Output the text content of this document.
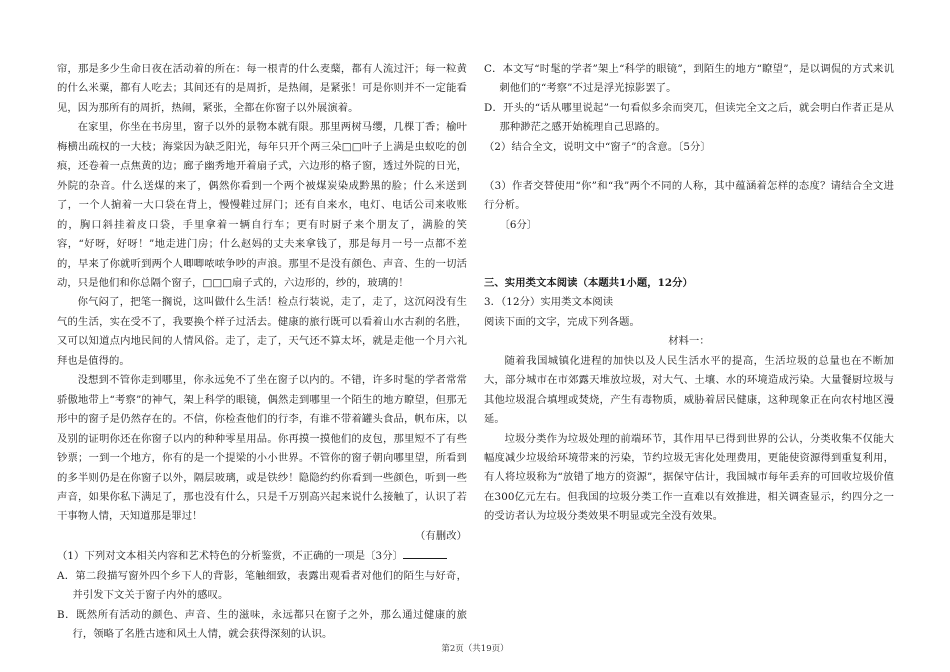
帘，那是多少生命日夜在活动着的所在：每一根青的什么麦蘖，都有人流过汗；每一粒黄的什么米粟，都有人吃去；其间还有的是周折，是热闹，是紧张！可是你则并不一定能看见，因为那所有的周折，热闹，紧张，全都在你窗子以外展演着。

在家里，你坐在书房里，窗子以外的景物本就有限。那里两树马缨，几棵丁香；榆叶梅横出疏权的一大枝；海棠因为缺乏阳光，每年只开个两三朵□□叶子上满是虫蚁吃的创痕，还卷着一点焦黄的边；廊子幽秀地开着扇子式，六边形的格子窗，透过外院的日光，外院的杂音。什么送煤的来了，偶然你看到一个两个被煤炭染成黔黑的脸；什么米送到了，一个人掮着一大口袋在背上，慢慢鞋过屏门；还有自来水，电灯、电话公司来收账的，胸口斜挂着皮口袋，手里拿着一辆自行车；更有时厨子来个朋友了，满脸的笑容，“好呀，好呀！”地走进门房；什么赵妈的丈夫来拿钱了，那是每月一号一点都不差的，早来了你就听到两个人唧唧哝哝争吵的声浪。那里不是没有颜色、声音、生的一切活动，只是他们和你总隔个窗子，□□□扇子式的，六边形的，纱的，玻璃的！

你气闷了，把笔一搁说，这叫做什么生活！检点行装说，走了，走了，这沉闷没有生气的生活，实在受不了，我要换个样子过活去。健康的旅行既可以看着山水古刹的名胜，又可以知道点内地民间的人情风俗。走了，走了，天气还不算太坏，就是走他一个月六礼拜也是值得的。

没想到不管你走到哪里，你永远免不了坐在窗子以内的。不错，许多时髦的学者常常骄傲地带上“考察”的神气，架上科学的眼镜，偶然走到哪里一个陌生的地方瞭望，但那无形中的窗子是仍然存在的。不信，你检查他们的行李，有谁不带着罐头食品，帆布床，以及别的证明你还在你窗子以内的种种零星用品。你再摸一摸他们的皮包，那里短不了有些钞票；一到一个地方，你有的是一个提梁的小小世界。不管你的窗子朝向哪里望，所看到的多半则仍是在你窗子以外，隔层玻璃，或是铁纱！隐隐约约你看到一些颜色，听到一些声音，如果你私下满足了，那也没有什么，只是千万别高兴起来说什么接触了，认识了若干事物人情，天知道那是罪过！

（有删改）

（1）下列对文本相关内容和艺术特色的分析鉴赏，不正确的一项是〔3分〕

A．第二段描写窗外四个乡下人的背影，笔触细致，表露出观看者对他们的陌生与好奇，并引发下文关于窗子内外的感叹。

B．既然所有活动的颜色、声音、生的滋味，永远都只在窗子之外，那么通过健康的旅行，领略了名胜古迹和风土人情，就会获得深刻的认识。

C．本文写“时髦的学者”架上“科学的眼镜”，到陌生的地方“瞭望”，是以调侃的方式来讥刺他们的“考察”不过是浮光掠影罢了。

D．开头的“话从哪里说起”一句看似多余而突兀，但读完全文之后，就会明白作者正是从那种渺茫之感开始梳理自己思路的。

（2）结合全文，说明文中“窗子”的含意。〔5分〕

（3）作者交替使用“你”和“我”两个不同的人称，其中蕴涵着怎样的态度？请结合全文进行分析。

〔6分〕

三、实用类文本阅读（本题共1小题，12分）

3．（12分）实用类文本阅读

阅读下面的文字，完成下列各题。

材料一：

随着我国城镇化进程的加快以及人民生活水平的提高，生活垃圾的总量也在不断加大，部分城市在市郊露天堆放垃圾，对大气、土壤、水的环境造成污染。大量餐厨垃圾与其他垃圾混合填埋或焚烧，产生有毒物质，威胁着居民健康，这种现象正在向农村地区漫延。

垃圾分类作为垃圾处理的前端环节，其作用早已得到世界的公认，分类收集不仅能大幅度减少垃圾给环境带来的污染，节约垃圾无害化处理费用，更能使资源得到重复利用，有人将垃圾称为“放错了地方的资源”，据保守估计，我国城市每年丢弃的可回收垃圾价值在300亿元左右。但我国的垃圾分类工作一直难以有效推进，相关调查显示，约四分之一的受访者认为垃圾分类效果不明显或完全没有效果。

第2页（共19页）
